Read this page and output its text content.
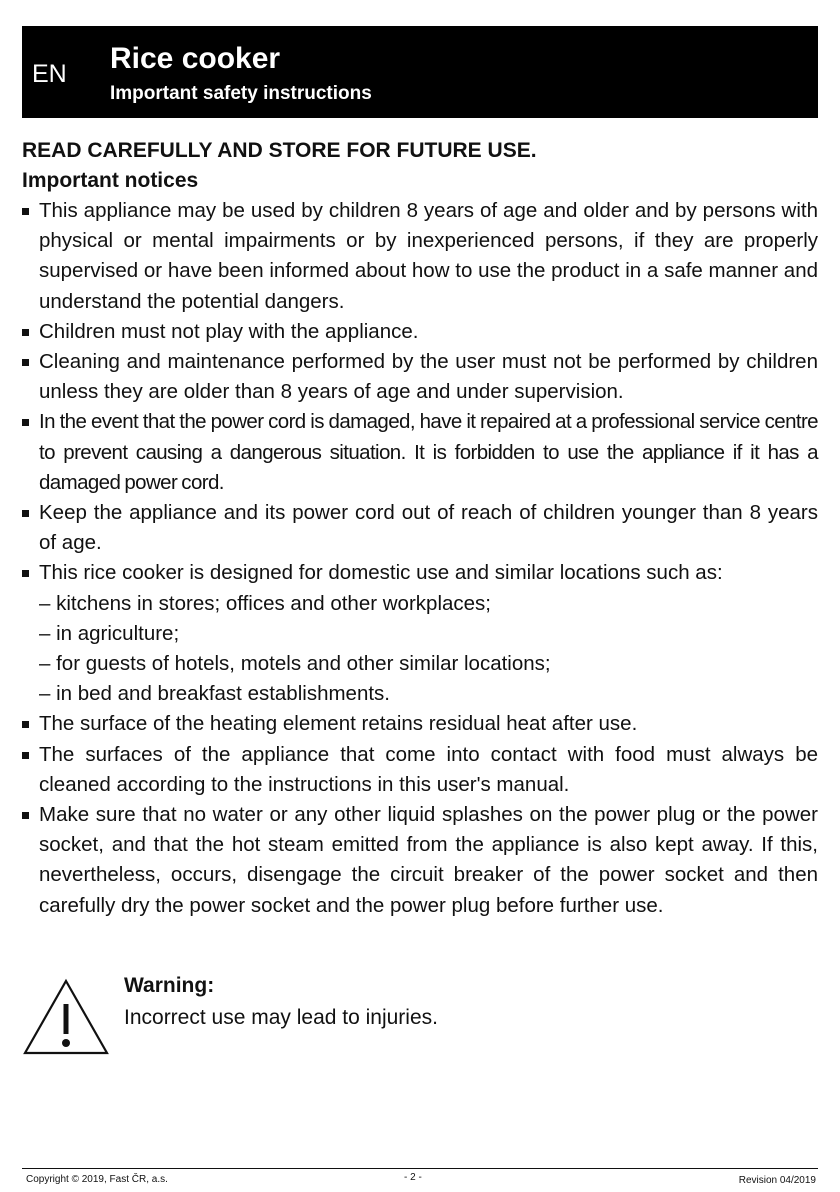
EN Rice cooker
Important safety instructions
READ CAREFULLY AND STORE FOR FUTURE USE.
Important notices
This appliance may be used by children 8 years of age and older and by persons with physical or mental impairments or by inexperienced persons, if they are properly supervised or have been informed about how to use the product in a safe manner and understand the potential dangers.
Children must not play with the appliance.
Cleaning and maintenance performed by the user must not be performed by children unless they are older than 8 years of age and under supervision.
In the event that the power cord is damaged, have it repaired at a professional service centre to prevent causing a dangerous situation. It is forbidden to use the appliance if it has a damaged power cord.
Keep the appliance and its power cord out of reach of children younger than 8 years of age.
This rice cooker is designed for domestic use and similar locations such as:
– kitchens in stores; offices and other workplaces;
– in agriculture;
– for guests of hotels, motels and other similar locations;
– in bed and breakfast establishments.
The surface of the heating element retains residual heat after use.
The surfaces of the appliance that come into contact with food must always be cleaned according to the instructions in this user's manual.
Make sure that no water or any other liquid splashes on the power plug or the power socket, and that the hot steam emitted from the appliance is also kept away. If this, nevertheless, occurs, disengage the circuit breaker of the power socket and then carefully dry the power socket and the power plug before further use.
Warning:
Incorrect use may lead to injuries.
Copyright © 2019, Fast ČR, a.s.	- 2 -	Revision 04/2019
